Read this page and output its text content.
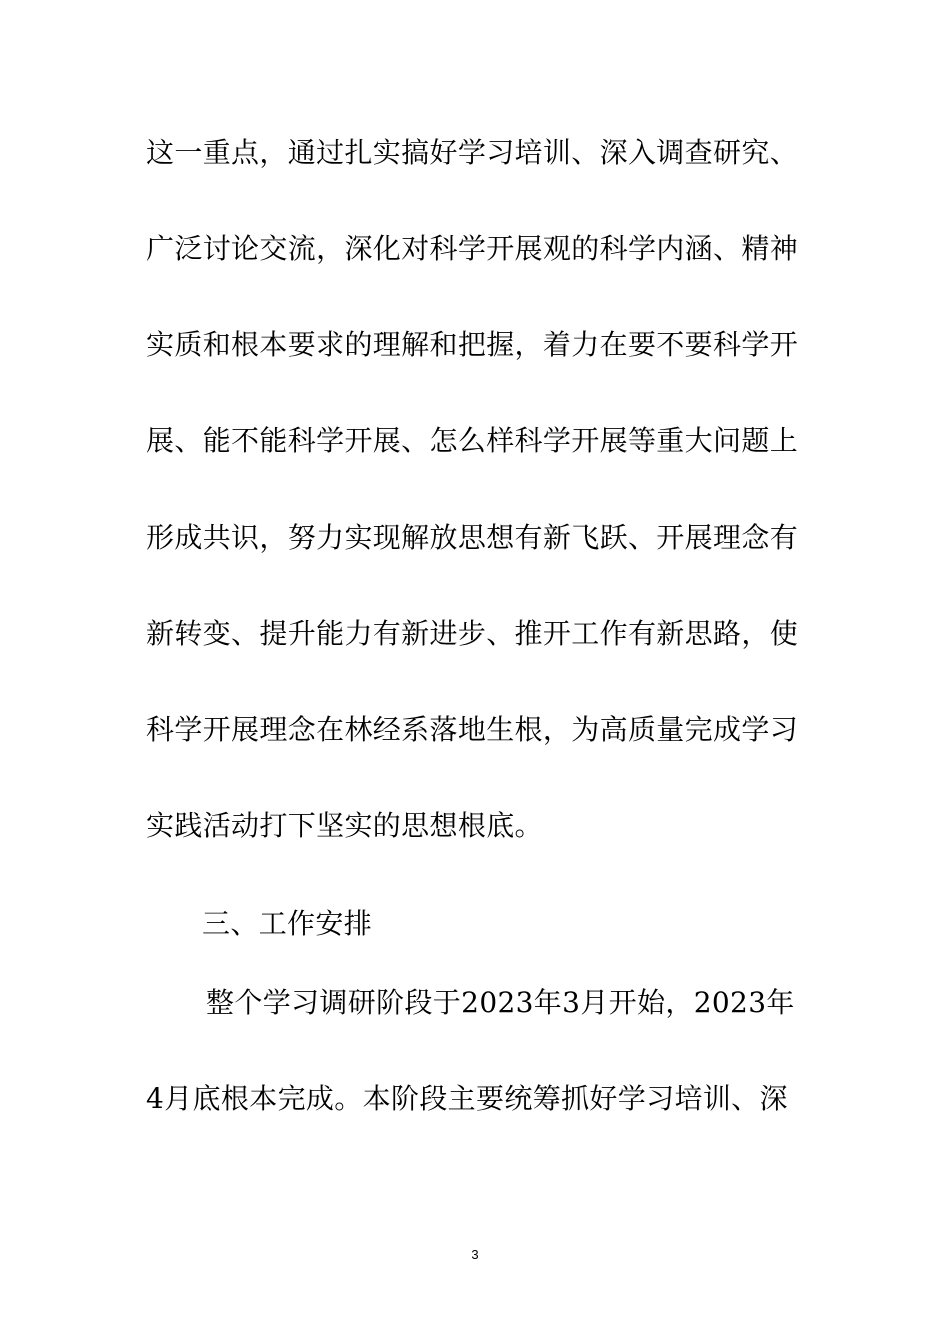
这一重点，通过扎实搞好学习培训、深入调查研究、
广泛讨论交流，深化对科学开展观的科学内涵、精神
实质和根本要求的理解和把握，着力在要不要科学开
展、能不能科学开展、怎么样科学开展等重大问题上
形成共识，努力实现解放思想有新飞跃、开展理念有
新转变、提升能力有新进步、推开工作有新思路，使
科学开展理念在林经系落地生根，为高质量完成学习
实践活动打下坚实的思想根底。
三、工作安排
整个学习调研阶段于2023年3月开始，2023年
4月底根本完成。本阶段主要统筹抓好学习培训、深
3
